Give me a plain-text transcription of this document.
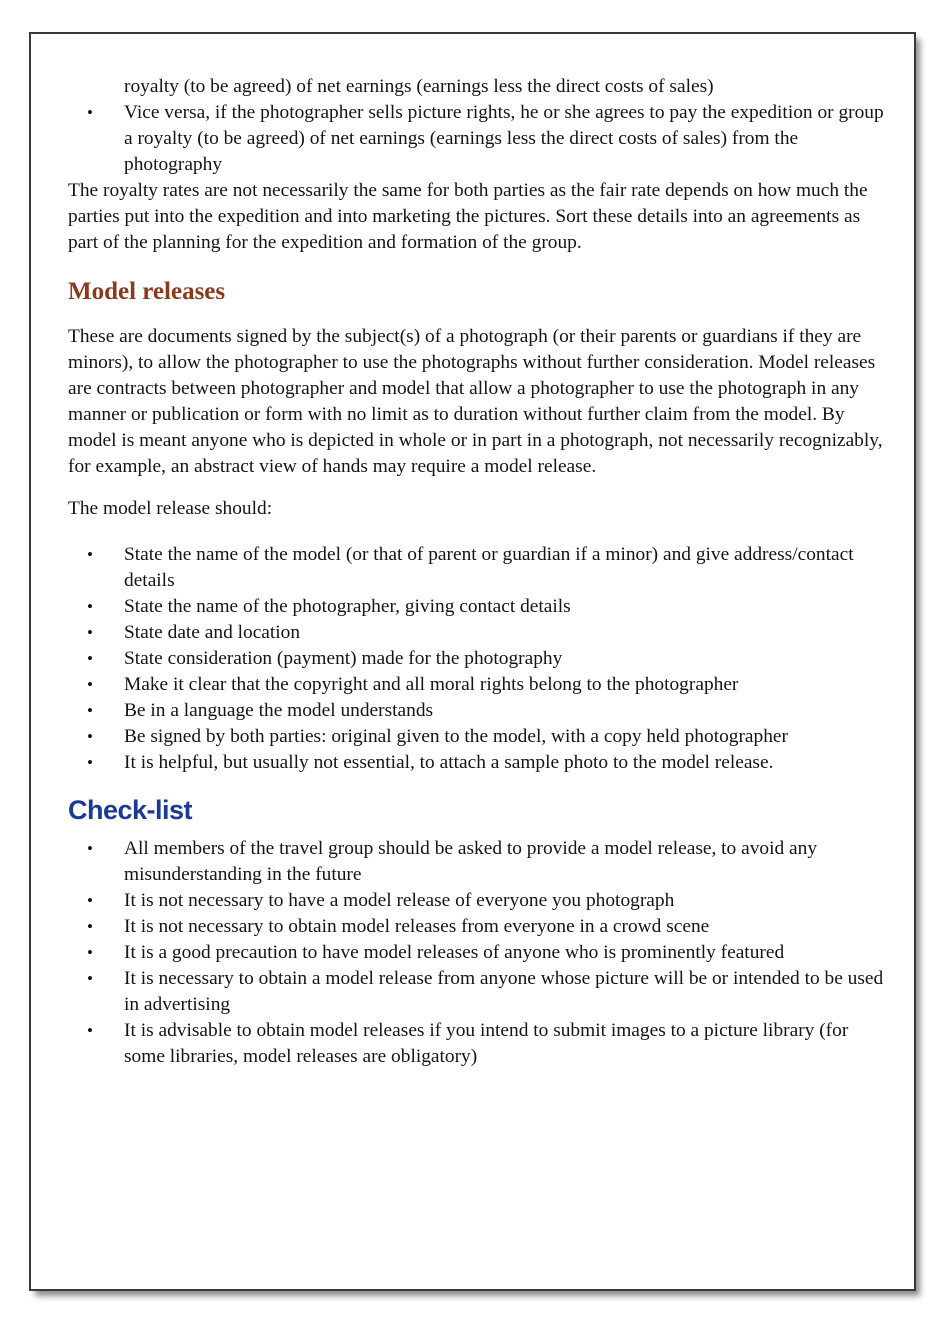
royalty (to be agreed) of net earnings (earnings less the direct costs of sales)

• Vice versa, if the photographer sells picture rights, he or she agrees to pay the expedition or group a royalty (to be agreed) of net earnings (earnings less the direct costs of sales) from the photography

The royalty rates are not necessarily the same for both parties as the fair rate depends on how much the parties put into the expedition and into marketing the pictures. Sort these details into an agreements as part of the planning for the expedition and formation of the group.

Model releases

These are documents signed by the subject(s) of a photograph (or their parents or guardians if they are minors), to allow the photographer to use the photographs without further consideration. Model releases are contracts between photographer and model that allow a photographer to use the photograph in any manner or publication or form with no limit as to duration without further claim from the model. By model is meant anyone who is depicted in whole or in part in a photograph, not necessarily recognizably, for example, an abstract view of hands may require a model release.

The model release should:

• State the name of the model (or that of parent or guardian if a minor) and give address/contact details
• State the name of the photographer, giving contact details
• State date and location
• State consideration (payment) made for the photography
• Make it clear that the copyright and all moral rights belong to the photographer
• Be in a language the model understands
• Be signed by both parties: original given to the model, with a copy held photographer
• It is helpful, but usually not essential, to attach a sample photo to the model release.
Check-list
• All members of the travel group should be asked to provide a model release, to avoid any misunderstanding in the future
• It is not necessary to have a model release of everyone you photograph
• It is not necessary to obtain model releases from everyone in a crowd scene
• It is a good precaution to have model releases of anyone who is prominently featured
• It is necessary to obtain a model release from anyone whose picture will be or intended to be used in advertising
• It is advisable to obtain model releases if you intend to submit images to a picture library (for some libraries, model releases are obligatory)
